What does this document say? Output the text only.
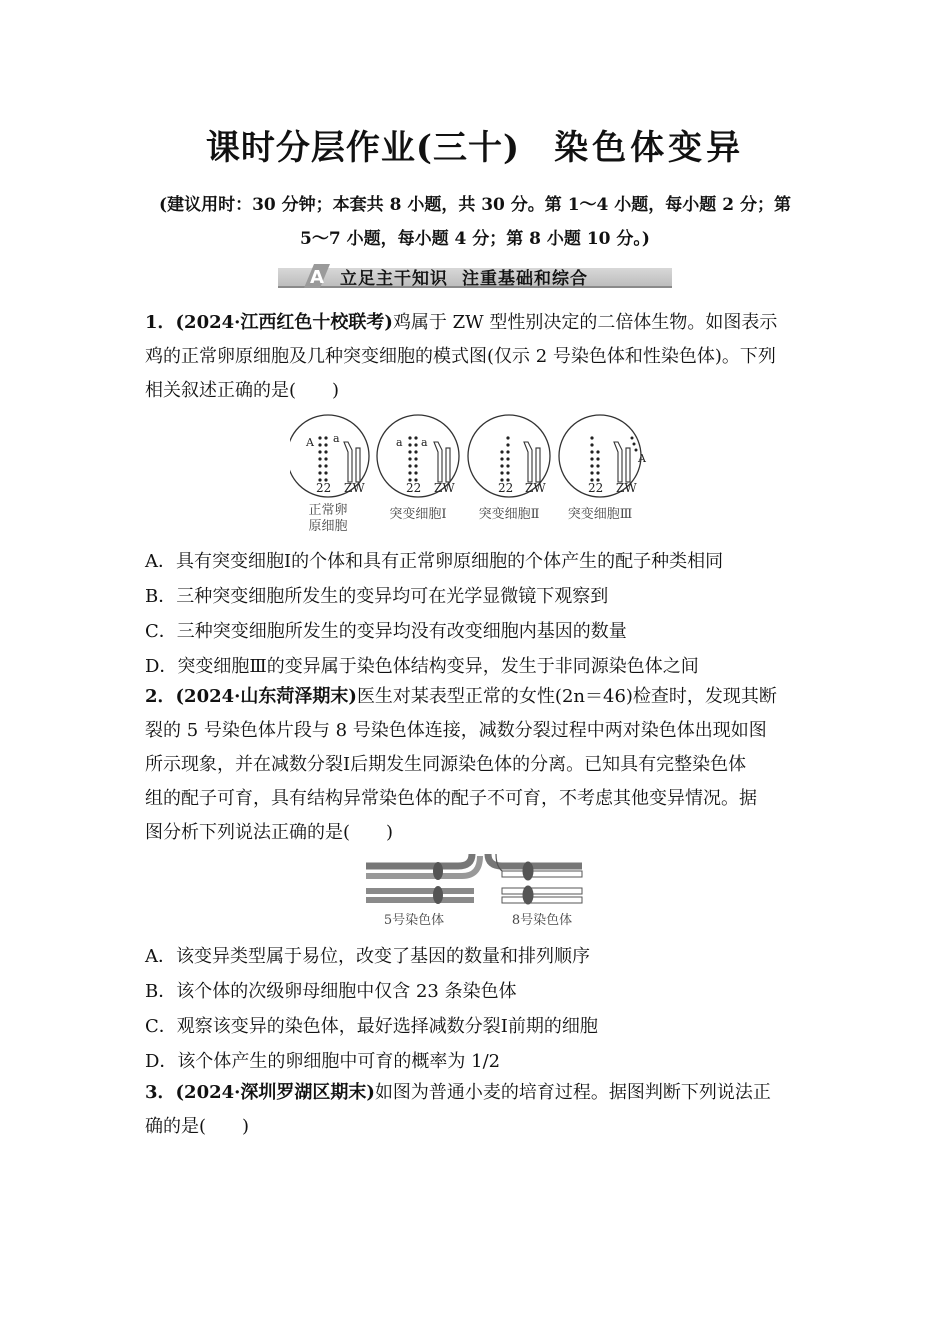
课时分层作业(三十) 染色体变异
(建议用时：30 分钟；本套共 8 小题，共 30 分。第 1～4 小题，每小题 2 分；第
5～7 小题，每小题 4 分；第 8 小题 10 分。)
A 立足主干知识 注重基础和综合
1．(2024·江西红色十校联考)鸡属于 ZW 型性别决定的二倍体生物。如图表示
鸡的正常卵原细胞及几种突变细胞的模式图(仅示 2 号染色体和性染色体)。下列
相关叙述正确的是(　　)
A a
22 ZW
a a
22 ZW	22 ZW
A
22 ZW
正常卵
原细胞
突变细胞Ⅰ 突变细胞Ⅱ 突变细胞Ⅲ
A．具有突变细胞Ⅰ的个体和具有正常卵原细胞的个体产生的配子种类相同
B．三种突变细胞所发生的变异均可在光学显微镜下观察到
C．三种突变细胞所发生的变异均没有改变细胞内基因的数量
D．突变细胞Ⅲ的变异属于染色体结构变异，发生于非同源染色体之间
2．(2024·山东菏泽期末)医生对某表型正常的女性(2n＝46)检查时，发现其断
裂的 5 号染色体片段与 8 号染色体连接，减数分裂过程中两对染色体出现如图
所示现象，并在减数分裂Ⅰ后期发生同源染色体的分离。已知具有完整染色体
组的配子可育，具有结构异常染色体的配子不可育，不考虑其他变异情况。据
图分析下列说法正确的是(　　)
5号染色体	8号染色体
A．该变异类型属于易位，改变了基因的数量和排列顺序
B．该个体的次级卵母细胞中仅含 23 条染色体
C．观察该变异的染色体，最好选择减数分裂Ⅰ前期的细胞
D．该个体产生的卵细胞中可育的概率为 1/2
3．(2024·深圳罗湖区期末)如图为普通小麦的培育过程。据图判断下列说法正
确的是(　　)
